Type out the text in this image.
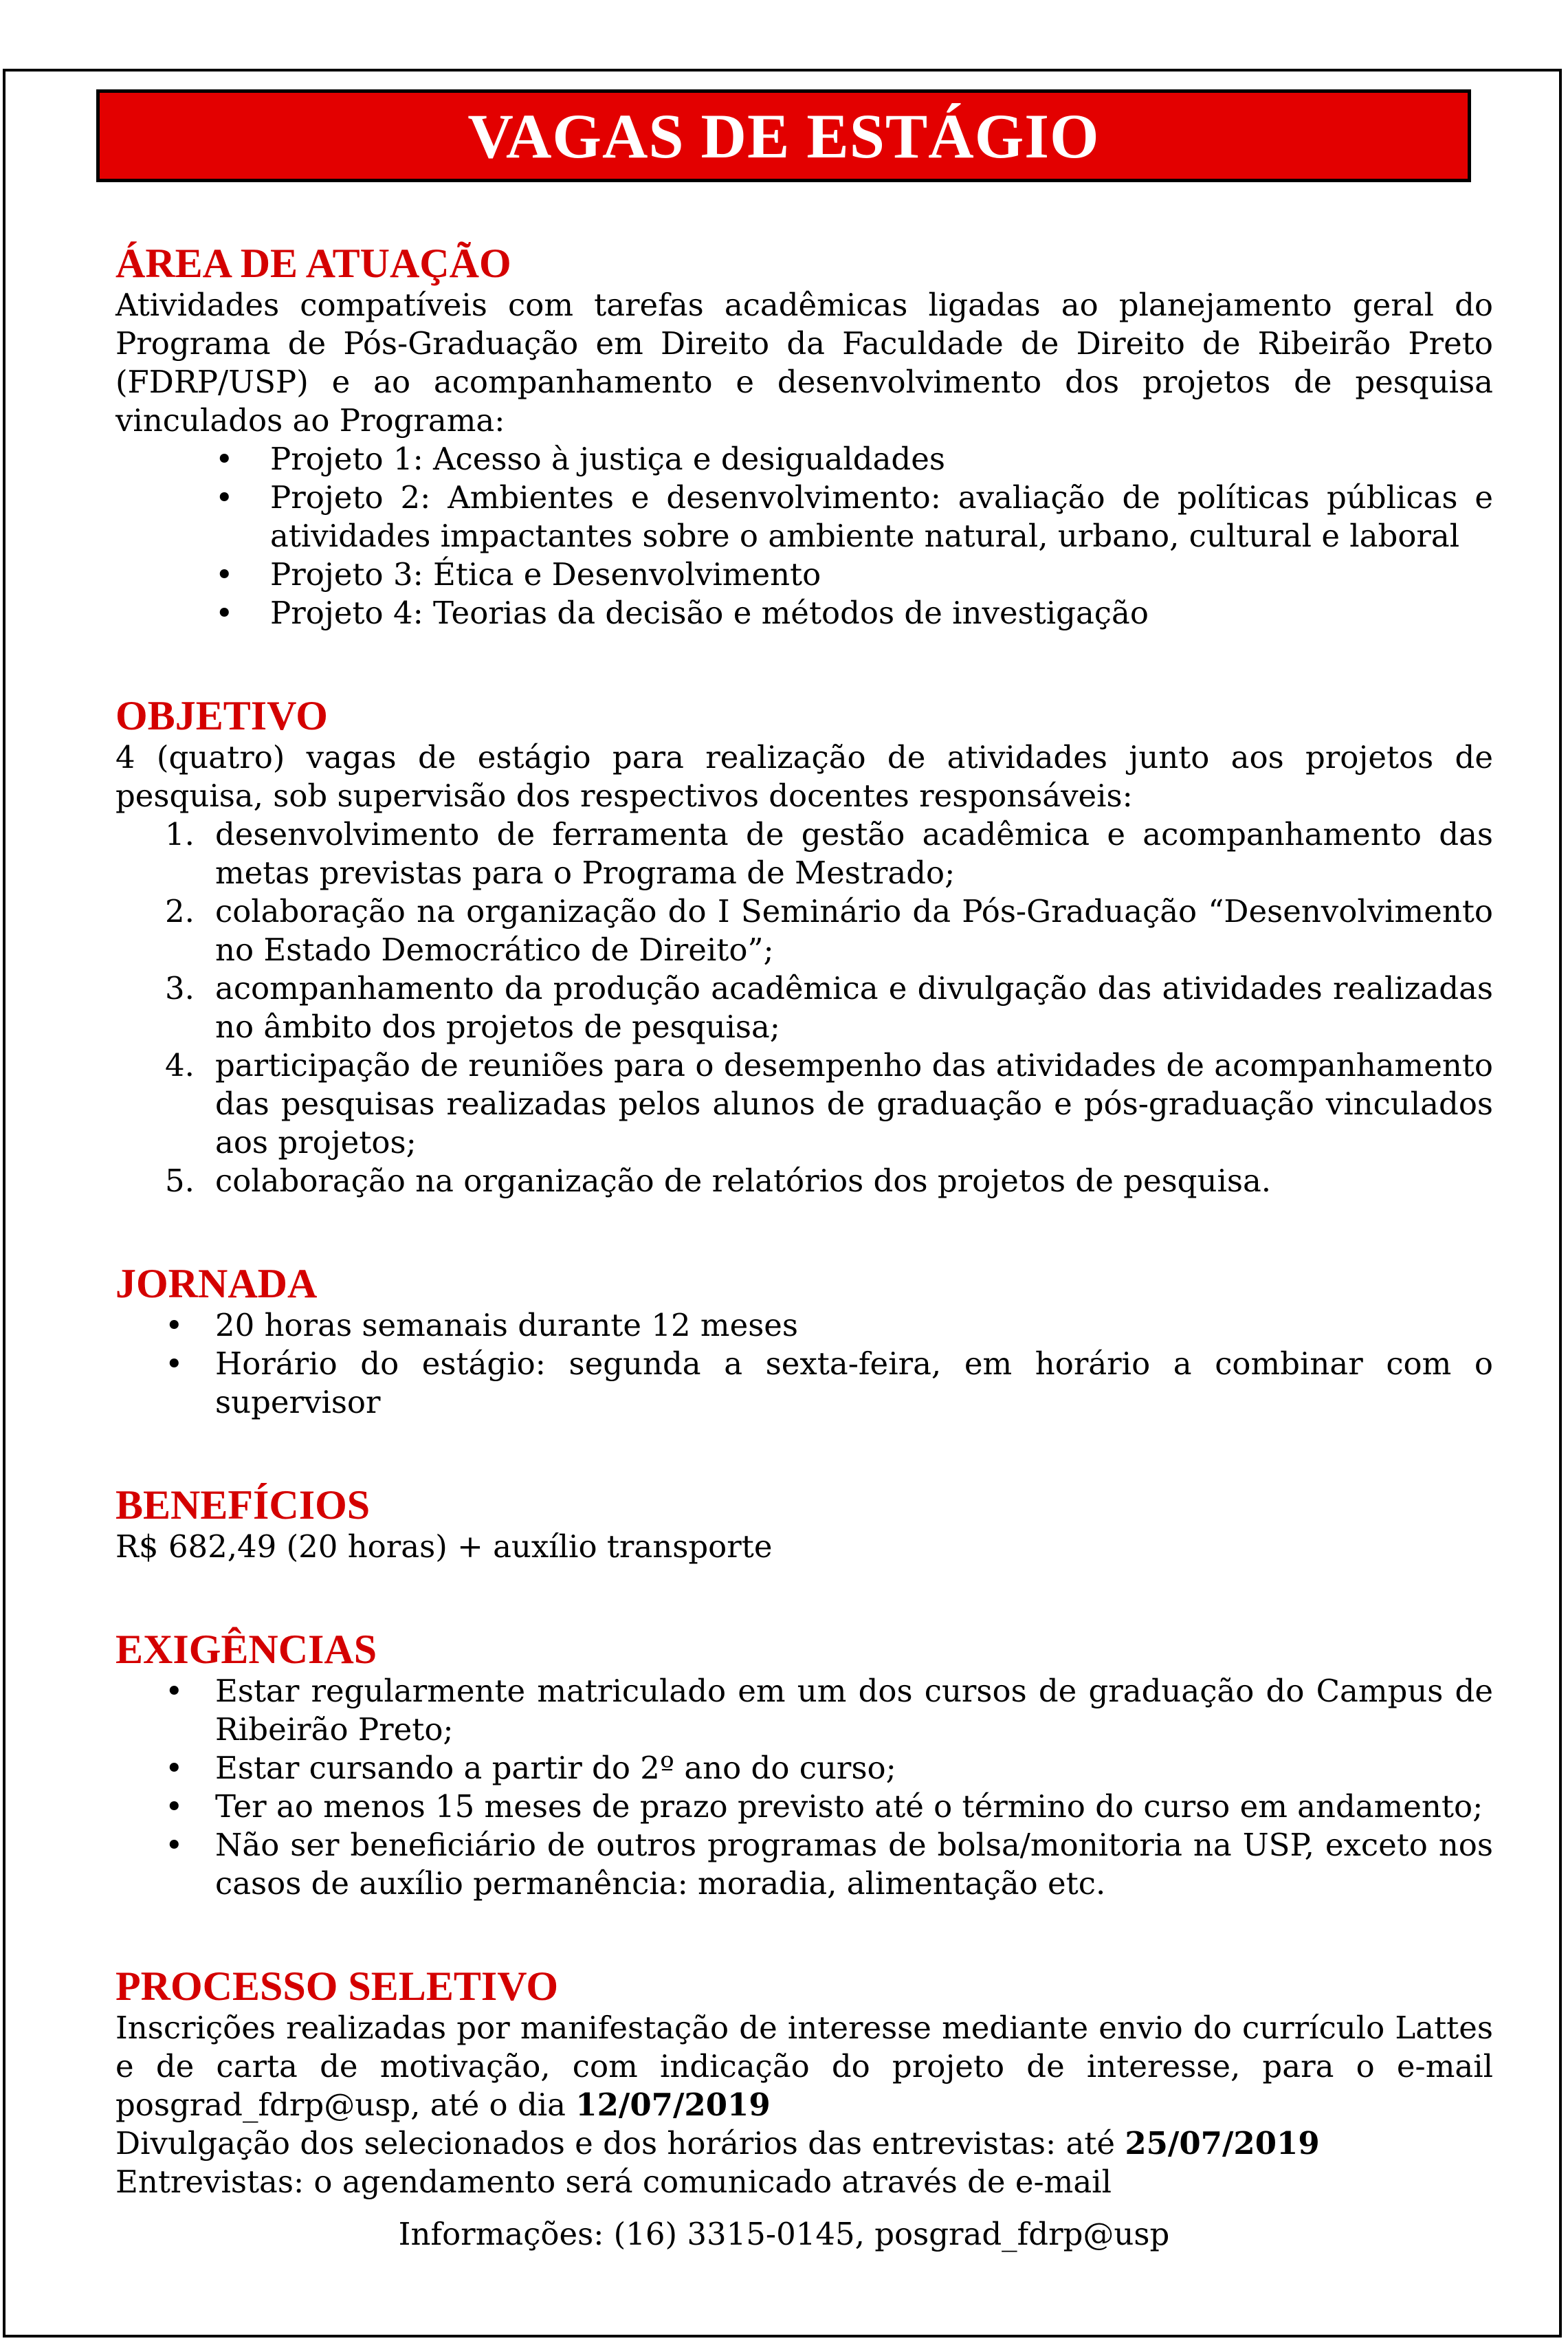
VAGAS DE ESTÁGIO
ÁREA DE ATUAÇÃO

Atividades compatíveis com tarefas acadêmicas ligadas ao planejamento geral do Programa de Pós-Graduação em Direito da Faculdade de Direito de Ribeirão Preto (FDRP/USP) e ao acompanhamento e desenvolvimento dos projetos de pesquisa vinculados ao Programa:

• Projeto 1: Acesso à justiça e desigualdades
• Projeto 2: Ambientes e desenvolvimento: avaliação de políticas públicas e atividades impactantes sobre o ambiente natural, urbano, cultural e laboral
• Projeto 3: Ética e Desenvolvimento
• Projeto 4: Teorias da decisão e métodos de investigação
OBJETIVO

4 (quatro) vagas de estágio para realização de atividades junto aos projetos de pesquisa, sob supervisão dos respectivos docentes responsáveis:

1. desenvolvimento de ferramenta de gestão acadêmica e acompanhamento das metas previstas para o Programa de Mestrado;
2. colaboração na organização do I Seminário da Pós-Graduação “Desenvolvimento no Estado Democrático de Direito”;
3. acompanhamento da produção acadêmica e divulgação das atividades realizadas no âmbito dos projetos de pesquisa;
4. participação de reuniões para o desempenho das atividades de acompanhamento das pesquisas realizadas pelos alunos de graduação e pós-graduação vinculados aos projetos;
5. colaboração na organização de relatórios dos projetos de pesquisa.
JORNADA
• 20 horas semanais durante 12 meses
• Horário do estágio: segunda a sexta-feira, em horário a combinar com o supervisor
BENEFÍCIOS

R$ 682,49 (20 horas) + auxílio transporte

EXIGÊNCIAS
• Estar regularmente matriculado em um dos cursos de graduação do Campus de Ribeirão Preto;
• Estar cursando a partir do 2º ano do curso;
• Ter ao menos 15 meses de prazo previsto até o término do curso em andamento;
• Não ser beneficiário de outros programas de bolsa/monitoria na USP, exceto nos casos de auxílio permanência: moradia, alimentação etc.
PROCESSO SELETIVO

Inscrições realizadas por manifestação de interesse mediante envio do currículo Lattes e de carta de motivação, com indicação do projeto de interesse, para o e-mail posgrad_fdrp@usp, até o dia 12/07/2019

Divulgação dos selecionados e dos horários das entrevistas: até 25/07/2019

Entrevistas: o agendamento será comunicado através de e-mail

Informações: (16) 3315-0145, posgrad_fdrp@usp
